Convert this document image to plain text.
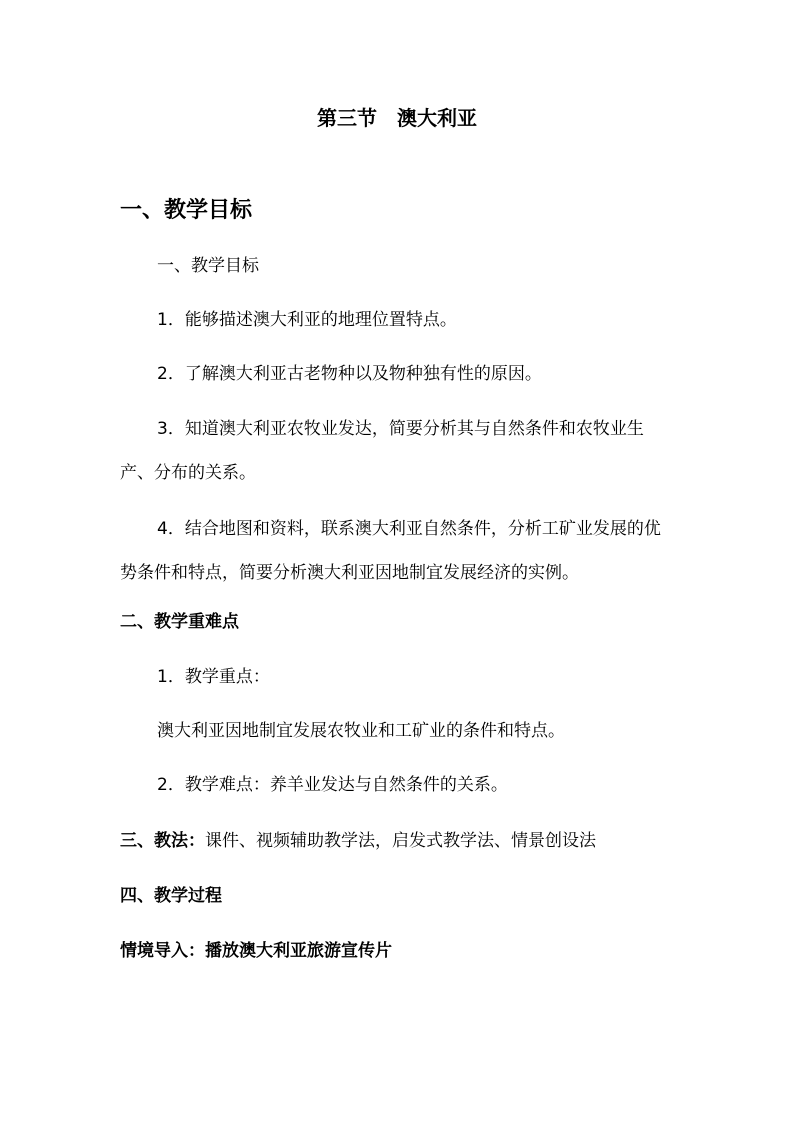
第三节　澳大利亚
一、教学目标
一、教学目标
1．能够描述澳大利亚的地理位置特点。
2．了解澳大利亚古老物种以及物种独有性的原因。
3．知道澳大利亚农牧业发达，简要分析其与自然条件和农牧业生产、分布的关系。
4．结合地图和资料，联系澳大利亚自然条件，分析工矿业发展的优势条件和特点，简要分析澳大利亚因地制宜发展经济的实例。
二、教学重难点
1．教学重点：
澳大利亚因地制宜发展农牧业和工矿业的条件和特点。
2．教学难点：养羊业发达与自然条件的关系。
三、教法：课件、视频辅助教学法，启发式教学法、情景创设法
四、教学过程
情境导入：播放澳大利亚旅游宣传片
